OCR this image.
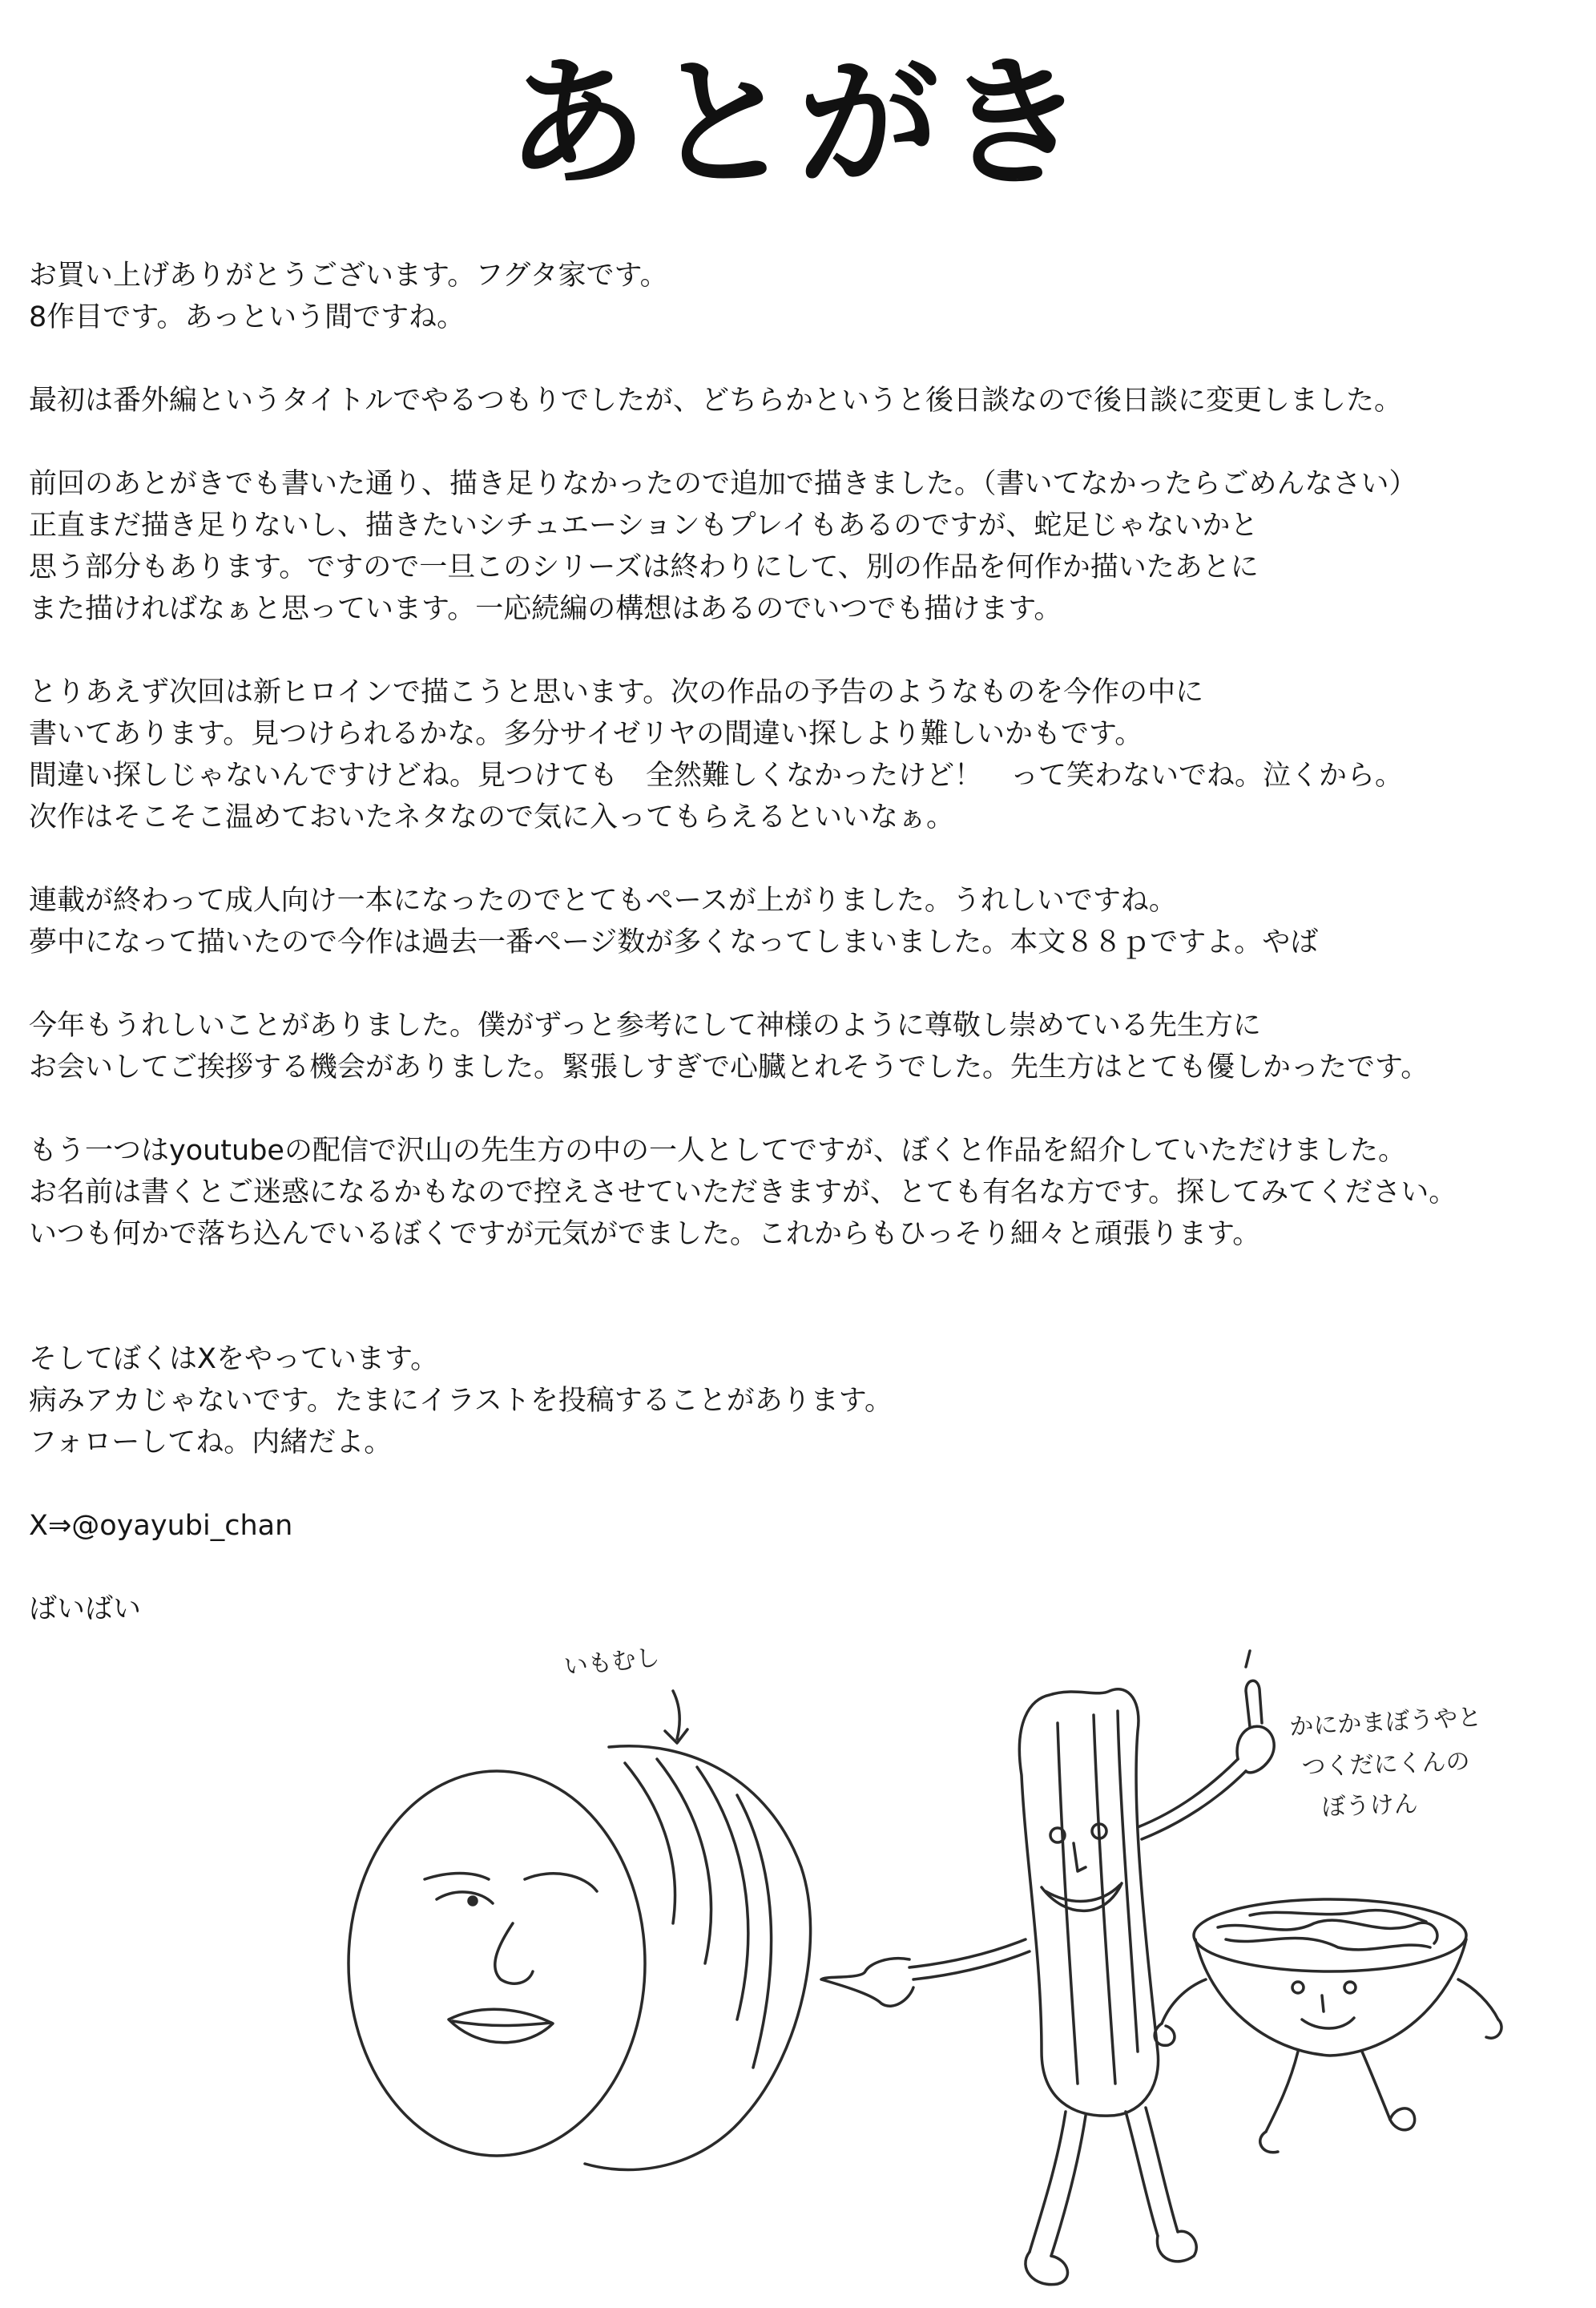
あとがき
お買い上げありがとうございます。フグタ家です。
8作目です。あっという間ですね。
最初は番外編というタイトルでやるつもりでしたが、どちらかというと後日談なので後日談に変更しました。
前回のあとがきでも書いた通り、描き足りなかったので追加で描きました。（書いてなかったらごめんなさい）
正直まだ描き足りないし、描きたいシチュエーションもプレイもあるのですが、蛇足じゃないかと
思う部分もあります。ですので一旦このシリーズは終わりにして、別の作品を何作か描いたあとに
また描ければなぁと思っています。一応続編の構想はあるのでいつでも描けます。
とりあえず次回は新ヒロインで描こうと思います。次の作品の予告のようなものを今作の中に
書いてあります。見つけられるかな。多分サイゼリヤの間違い探しより難しいかもです。
間違い探しじゃないんですけどね。見つけても　全然難しくなかったけど！　って笑わないでね。泣くから。
次作はそこそこ温めておいたネタなので気に入ってもらえるといいなぁ。
連載が終わって成人向け一本になったのでとてもペースが上がりました。うれしいですね。
夢中になって描いたので今作は過去一番ページ数が多くなってしまいました。本文８８ｐですよ。やば
今年もうれしいことがありました。僕がずっと参考にして神様のように尊敬し崇めている先生方に
お会いしてご挨拶する機会がありました。緊張しすぎで心臓とれそうでした。先生方はとても優しかったです。
もう一つはyoutubeの配信で沢山の先生方の中の一人としてですが、ぼくと作品を紹介していただけました。
お名前は書くとご迷惑になるかもなので控えさせていただきますが、とても有名な方です。探してみてください。
いつも何かで落ち込んでいるぼくですが元気がでました。これからもひっそり細々と頑張ります。
そしてぼくはXをやっています。
病みアカじゃないです。たまにイラストを投稿することがあります。
フォローしてね。内緒だよ。
X⇒@oyayubi_chan
ばいばい
いもむし
かにかまぼうやと
つくだにくんの
ぼうけん
